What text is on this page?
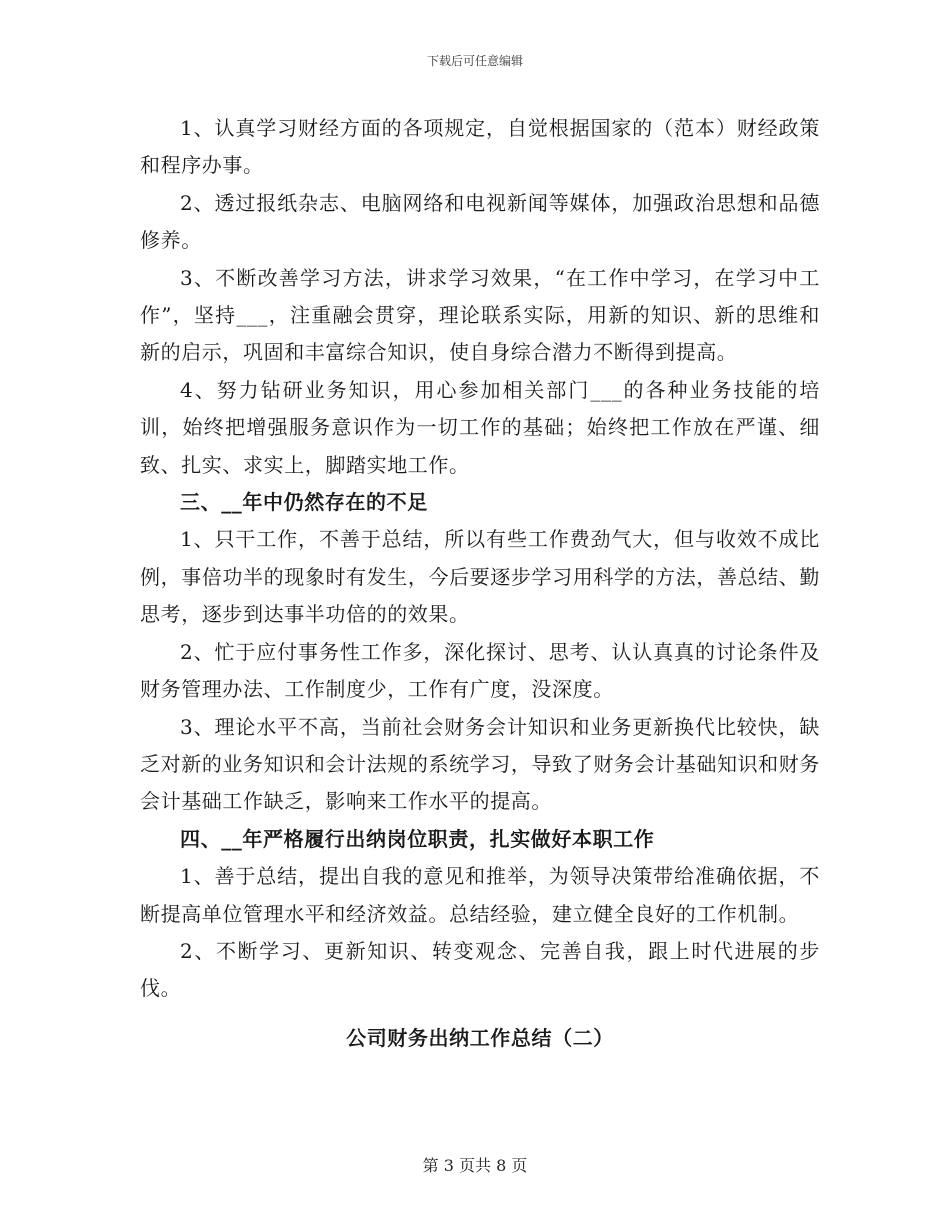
下载后可任意编辑

1、认真学习财经方面的各项规定，自觉根据国家的（范本）财经政策和程序办事。

2、透过报纸杂志、电脑网络和电视新闻等媒体，加强政治思想和品德修养。

3、不断改善学习方法，讲求学习效果，“在工作中学习，在学习中工作”，坚持___，注重融会贯穿，理论联系实际，用新的知识、新的思维和新的启示，巩固和丰富综合知识，使自身综合潜力不断得到提高。

4、努力钻研业务知识，用心参加相关部门___的各种业务技能的培训，始终把增强服务意识作为一切工作的基础；始终把工作放在严谨、细致、扎实、求实上，脚踏实地工作。

三、__年中仍然存在的不足

1、只干工作，不善于总结，所以有些工作费劲气大，但与收效不成比例，事倍功半的现象时有发生，今后要逐步学习用科学的方法，善总结、勤思考，逐步到达事半功倍的的效果。

2、忙于应付事务性工作多，深化探讨、思考、认认真真的讨论条件及财务管理办法、工作制度少，工作有广度，没深度。

3、理论水平不高，当前社会财务会计知识和业务更新换代比较快，缺乏对新的业务知识和会计法规的系统学习，导致了财务会计基础知识和财务会计基础工作缺乏，影响来工作水平的提高。

四、__年严格履行出纳岗位职责，扎实做好本职工作

1、善于总结，提出自我的意见和推举，为领导决策带给准确依据，不断提高单位管理水平和经济效益。总结经验，建立健全良好的工作机制。

2、不断学习、更新知识、转变观念、完善自我，跟上时代进展的步伐。

公司财务出纳工作总结（二）

第 3 页共 8 页
